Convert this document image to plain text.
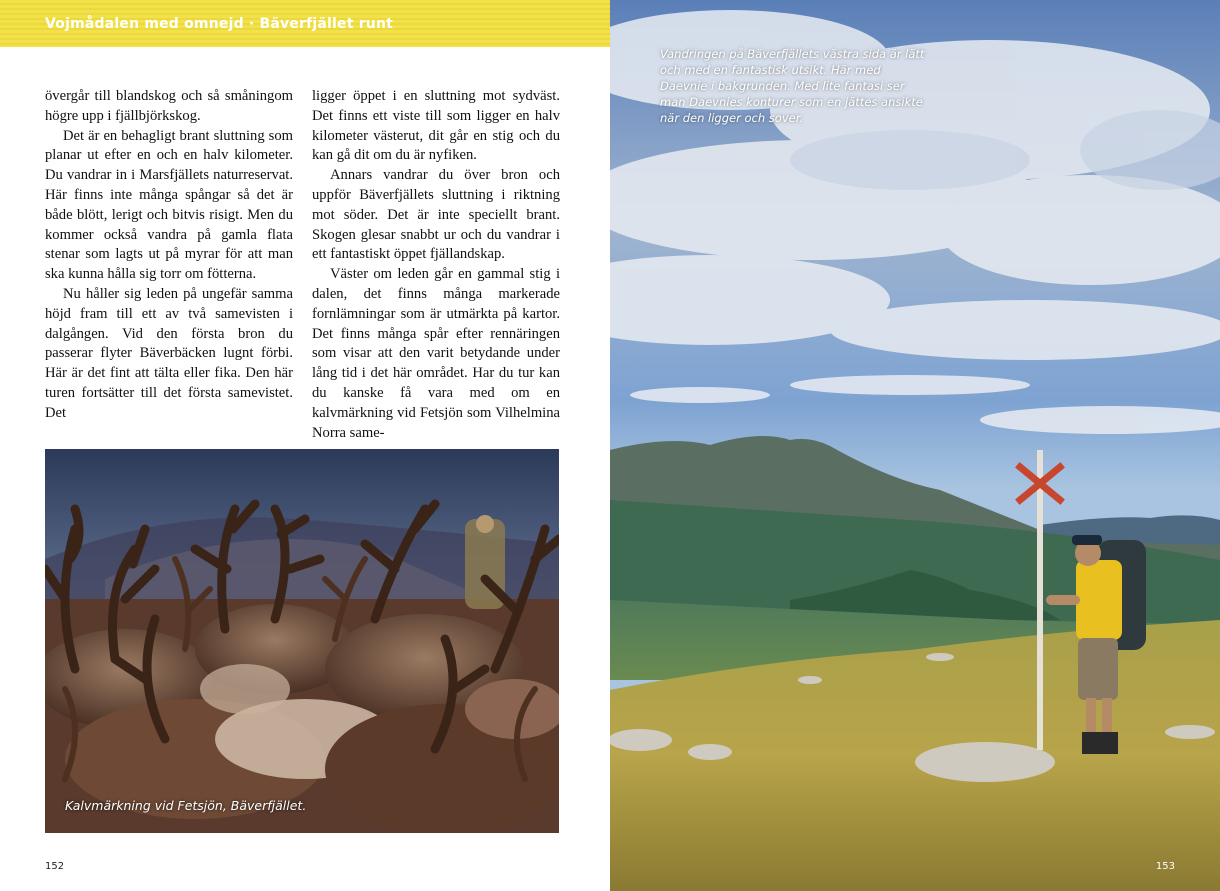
Vojmådalen med omnejd · Bäverfjället runt

övergår till blandskog och så småningom högre upp i fjällbjörkskog.

Det är en behagligt brant sluttning som planar ut efter en och en halv kilometer. Du vandrar in i Marsfjällets naturreservat. Här finns inte många spångar så det är både blött, lerigt och bitvis risigt. Men du kommer också vandra på gamla flata stenar som lagts ut på myrar för att man ska kunna hålla sig torr om fötterna.

Nu håller sig leden på ungefär samma höjd fram till ett av två samevisten i dalgången. Vid den första bron du passerar flyter Bäverbäcken lugnt förbi. Här är det fint att tälta eller fika. Den här turen fortsätter till det första samevistet. Det

ligger öppet i en sluttning mot sydväst. Det finns ett viste till som ligger en halv kilometer västerut, dit går en stig och du kan gå dit om du är nyfiken.

Annars vandrar du över bron och uppför Bäverfjällets sluttning i riktning mot söder. Det är inte speciellt brant. Skogen glesar snabbt ur och du vandrar i ett fantastiskt öppet fjällandskap.

Väster om leden går en gammal stig i dalen, det finns många markerade fornlämningar som är utmärkta på kartor. Det finns många spår efter rennäringen som visar att den varit betydande under lång tid i det här området. Har du tur kan du kanske få vara med om en kalvmärkning vid Fetsjön som Vilhelmina Norra same-

Kalvmärkning vid Fetsjön, Bäverfjället.
152
Vandringen på Bäverfjällets västra sida är lätt och med en fantastisk utsikt. Här med Daevnie i bakgrunden. Med lite fantasi ser man Daevnies konturer som en jättes ansikte när den ligger och sover.
153
